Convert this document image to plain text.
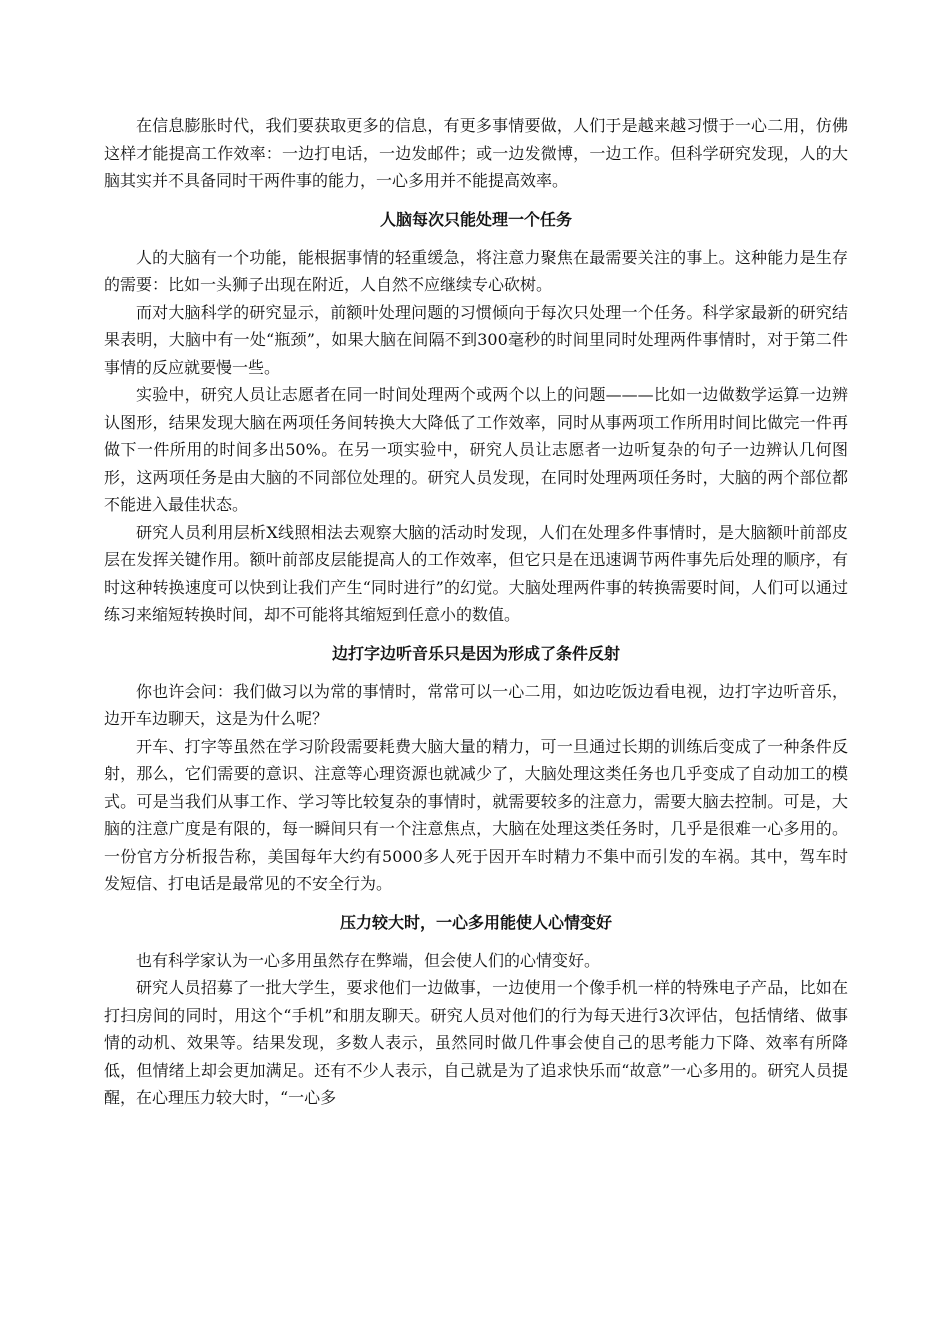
在信息膨胀时代，我们要获取更多的信息，有更多事情要做，人们于是越来越习惯于一心二用，仿佛这样才能提高工作效率：一边打电话，一边发邮件；或一边发微博，一边工作。但科学研究发现，人的大脑其实并不具备同时干两件事的能力，一心多用并不能提高效率。

人脑每次只能处理一个任务

人的大脑有一个功能，能根据事情的轻重缓急，将注意力聚焦在最需要关注的事上。这种能力是生存的需要：比如一头狮子出现在附近，人自然不应继续专心砍树。

而对大脑科学的研究显示，前额叶处理问题的习惯倾向于每次只处理一个任务。科学家最新的研究结果表明，大脑中有一处“瓶颈”，如果大脑在间隔不到300毫秒的时间里同时处理两件事情时，对于第二件事情的反应就要慢一些。

实验中，研究人员让志愿者在同一时间处理两个或两个以上的问题———比如一边做数学运算一边辨认图形，结果发现大脑在两项任务间转换大大降低了工作效率，同时从事两项工作所用时间比做完一件再做下一件所用的时间多出50%。在另一项实验中，研究人员让志愿者一边听复杂的句子一边辨认几何图形，这两项任务是由大脑的不同部位处理的。研究人员发现，在同时处理两项任务时，大脑的两个部位都不能进入最佳状态。

研究人员利用层析X线照相法去观察大脑的活动时发现，人们在处理多件事情时，是大脑额叶前部皮层在发挥关键作用。额叶前部皮层能提高人的工作效率，但它只是在迅速调节两件事先后处理的顺序，有时这种转换速度可以快到让我们产生“同时进行”的幻觉。大脑处理两件事的转换需要时间，人们可以通过练习来缩短转换时间，却不可能将其缩短到任意小的数值。

边打字边听音乐只是因为形成了条件反射

你也许会问：我们做习以为常的事情时，常常可以一心二用，如边吃饭边看电视，边打字边听音乐，边开车边聊天，这是为什么呢？

开车、打字等虽然在学习阶段需要耗费大脑大量的精力，可一旦通过长期的训练后变成了一种条件反射，那么，它们需要的意识、注意等心理资源也就减少了，大脑处理这类任务也几乎变成了自动加工的模式。可是当我们从事工作、学习等比较复杂的事情时，就需要较多的注意力，需要大脑去控制。可是，大脑的注意广度是有限的，每一瞬间只有一个注意焦点，大脑在处理这类任务时，几乎是很难一心多用的。一份官方分析报告称，美国每年大约有5000多人死于因开车时精力不集中而引发的车祸。其中，驾车时发短信、打电话是最常见的不安全行为。

压力较大时，一心多用能使人心情变好

也有科学家认为一心多用虽然存在弊端，但会使人们的心情变好。

研究人员招募了一批大学生，要求他们一边做事，一边使用一个像手机一样的特殊电子产品，比如在打扫房间的同时，用这个“手机”和朋友聊天。研究人员对他们的行为每天进行3次评估，包括情绪、做事情的动机、效果等。结果发现，多数人表示，虽然同时做几件事会使自己的思考能力下降、效率有所降低，但情绪上却会更加满足。还有不少人表示，自己就是为了追求快乐而“故意”一心多用的。研究人员提醒，在心理压力较大时，“一心多
